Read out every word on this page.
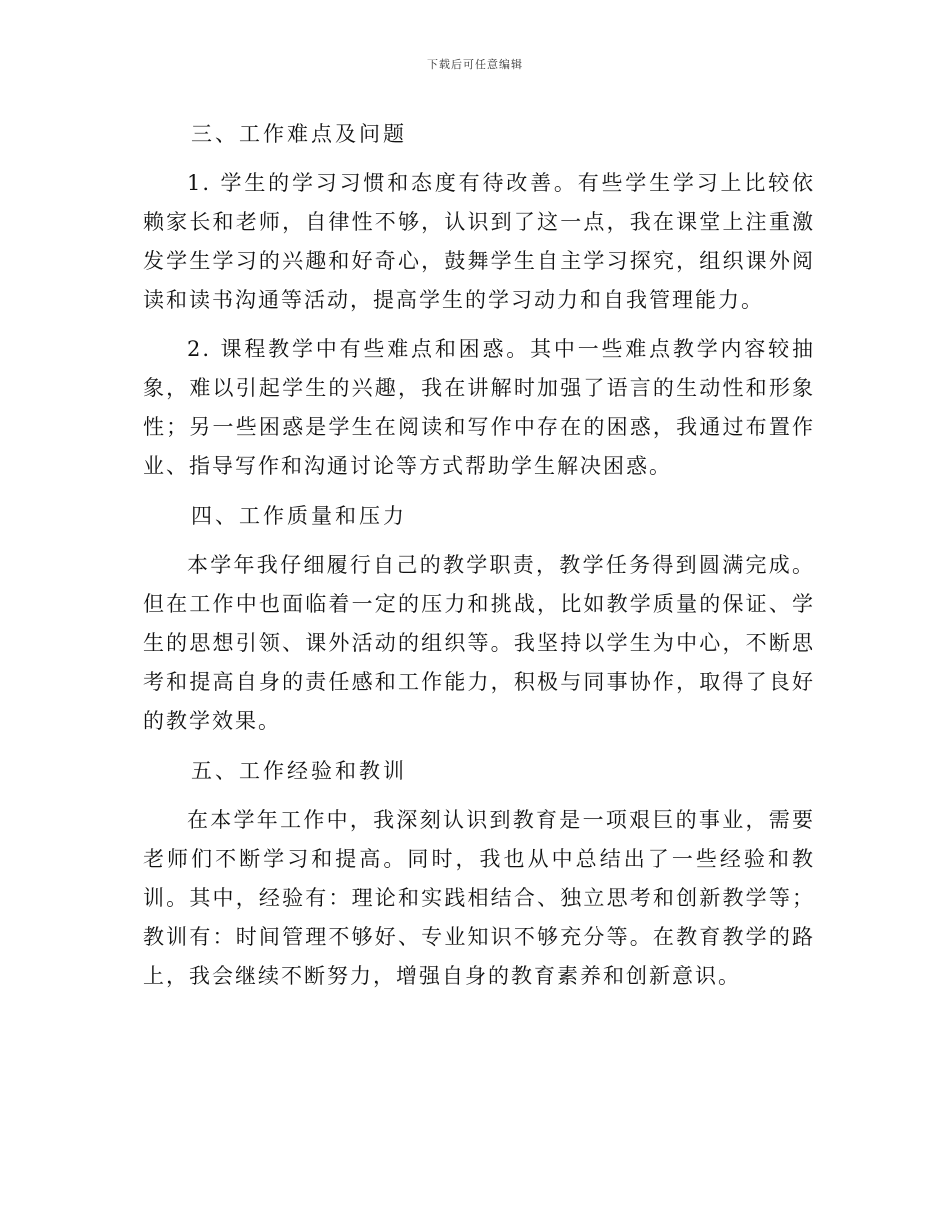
下载后可任意编辑

三、工作难点及问题

1. 学生的学习习惯和态度有待改善。有些学生学习上比较依赖家长和老师，自律性不够，认识到了这一点，我在课堂上注重激发学生学习的兴趣和好奇心，鼓舞学生自主学习探究，组织课外阅读和读书沟通等活动，提高学生的学习动力和自我管理能力。

2. 课程教学中有些难点和困惑。其中一些难点教学内容较抽象，难以引起学生的兴趣，我在讲解时加强了语言的生动性和形象性；另一些困惑是学生在阅读和写作中存在的困惑，我通过布置作业、指导写作和沟通讨论等方式帮助学生解决困惑。

四、工作质量和压力

本学年我仔细履行自己的教学职责，教学任务得到圆满完成。但在工作中也面临着一定的压力和挑战，比如教学质量的保证、学生的思想引领、课外活动的组织等。我坚持以学生为中心，不断思考和提高自身的责任感和工作能力，积极与同事协作，取得了良好的教学效果。

五、工作经验和教训

在本学年工作中，我深刻认识到教育是一项艰巨的事业，需要老师们不断学习和提高。同时，我也从中总结出了一些经验和教训。其中，经验有：理论和实践相结合、独立思考和创新教学等；教训有：时间管理不够好、专业知识不够充分等。在教育教学的路上，我会继续不断努力，增强自身的教育素养和创新意识。
